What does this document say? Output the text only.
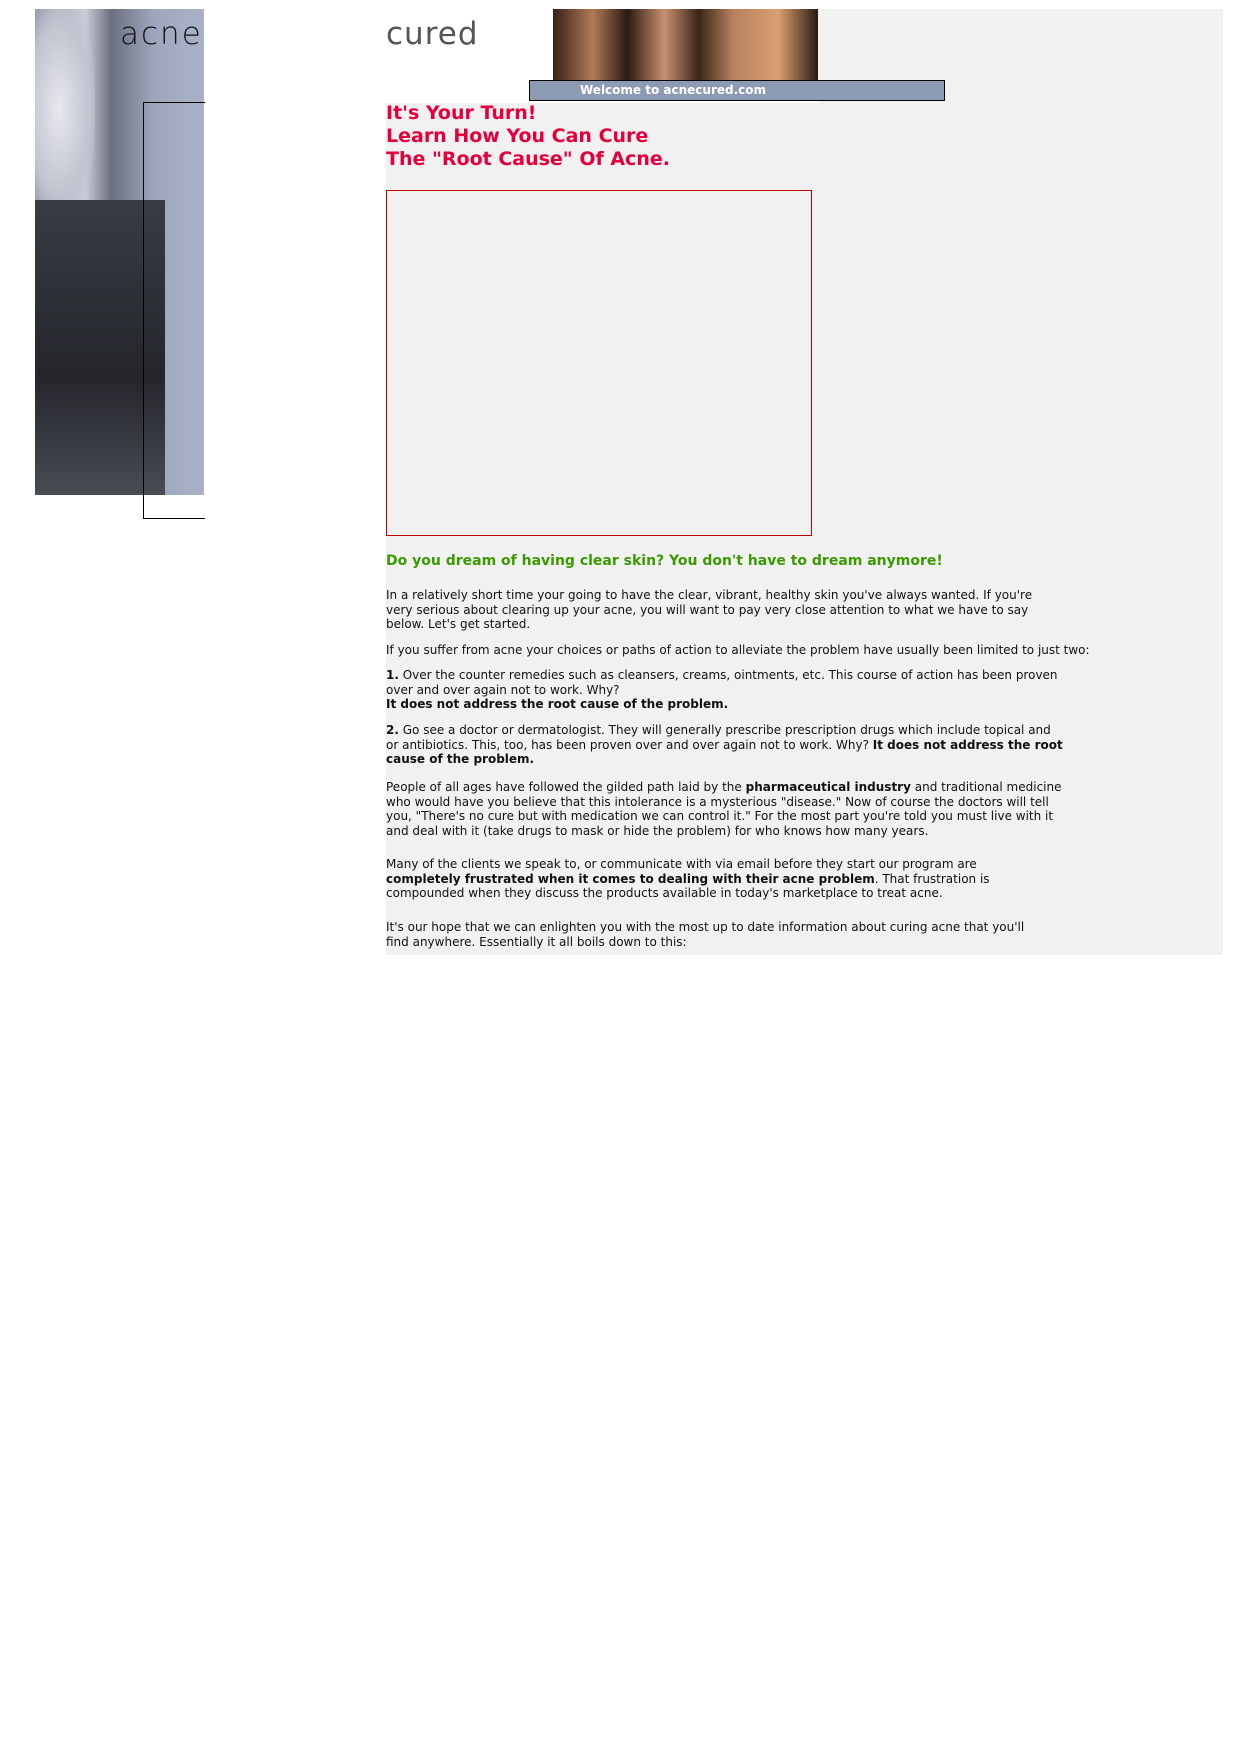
acne	cured
Welcome to acnecured.com
It's Your Turn!
Learn How You Can Cure
The "Root Cause" Of Acne.
Do you dream of having clear skin? You don't have to dream anymore!
In a relatively short time your going to have the clear, vibrant, healthy skin you've always wanted. If you're very serious about clearing up your acne, you will want to pay very close attention to what we have to say below. Let's get started.
If you suffer from acne your choices or paths of action to alleviate the problem have usually been limited to just two:
1. Over the counter remedies such as cleansers, creams, ointments, etc. This course of action has been proven over and over again not to work. Why?
It does not address the root cause of the problem.
2. Go see a doctor or dermatologist. They will generally prescribe prescription drugs which include topical and or antibiotics. This, too, has been proven over and over again not to work. Why? It does not address the root cause of the problem.
People of all ages have followed the gilded path laid by the pharmaceutical industry and traditional medicine who would have you believe that this intolerance is a mysterious "disease." Now of course the doctors will tell you, "There's no cure but with medication we can control it." For the most part you're told you must live with it and deal with it (take drugs to mask or hide the problem) for who knows how many years.
Many of the clients we speak to, or communicate with via email before they start our program are completely frustrated when it comes to dealing with their acne problem. That frustration is compounded when they discuss the products available in today's marketplace to treat acne.
It's our hope that we can enlighten you with the most up to date information about curing acne that you'll find anywhere. Essentially it all boils down to this:
